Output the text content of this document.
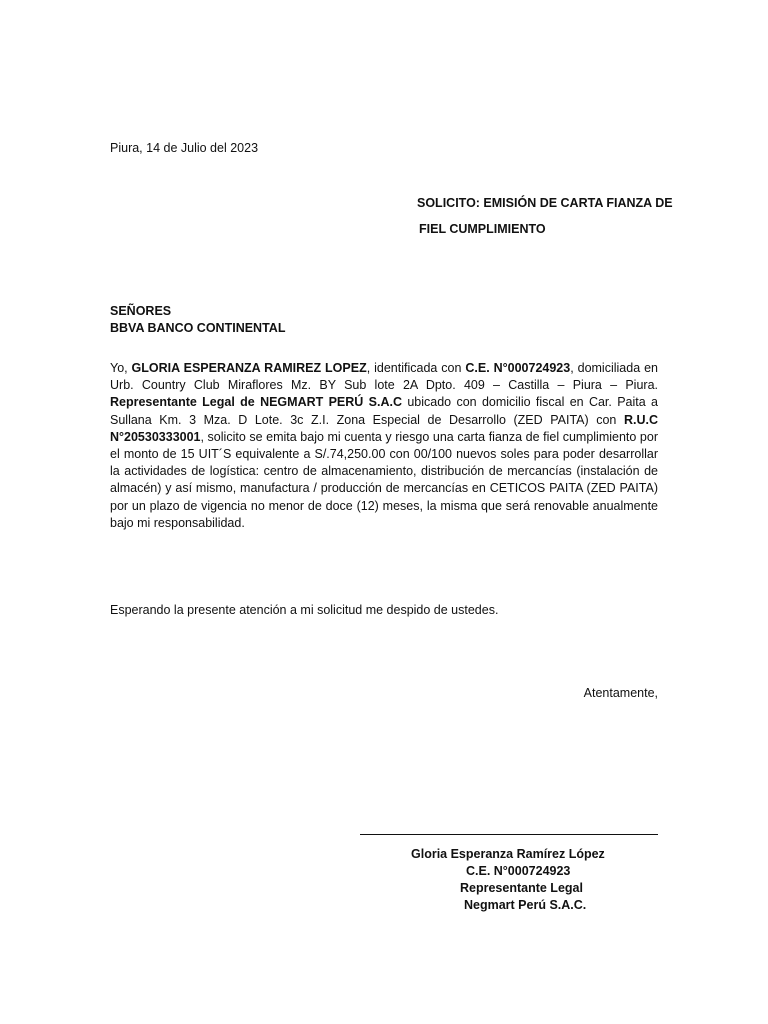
Piura, 14 de Julio del 2023
SOLICITO: EMISIÓN DE CARTA FIANZA DE
FIEL CUMPLIMIENTO
SEÑORES
BBVA BANCO CONTINENTAL
Yo, GLORIA ESPERANZA RAMIREZ LOPEZ, identificada con C.E. N°000724923, domiciliada en Urb. Country Club Miraflores Mz. BY Sub lote 2A Dpto. 409 – Castilla – Piura – Piura. Representante Legal de NEGMART PERÚ S.A.C ubicado con domicilio fiscal en Car. Paita a Sullana Km. 3 Mza. D Lote. 3c Z.I. Zona Especial de Desarrollo (ZED PAITA) con R.U.C N°20530333001, solicito se emita bajo mi cuenta y riesgo una carta fianza de fiel cumplimiento por el monto de 15 UIT´S equivalente a S/.74,250.00 con 00/100 nuevos soles para poder desarrollar la actividades de logística: centro de almacenamiento, distribución de mercancías (instalación de almacén) y así mismo, manufactura / producción de mercancías en CETICOS PAITA (ZED PAITA) por un plazo de vigencia no menor de doce (12) meses, la misma que será renovable anualmente bajo mi responsabilidad.
Esperando la presente atención a mi solicitud me despido de ustedes.
Atentamente,
Gloria Esperanza Ramírez López
C.E. N°000724923
Representante Legal
Negmart Perú S.A.C.
